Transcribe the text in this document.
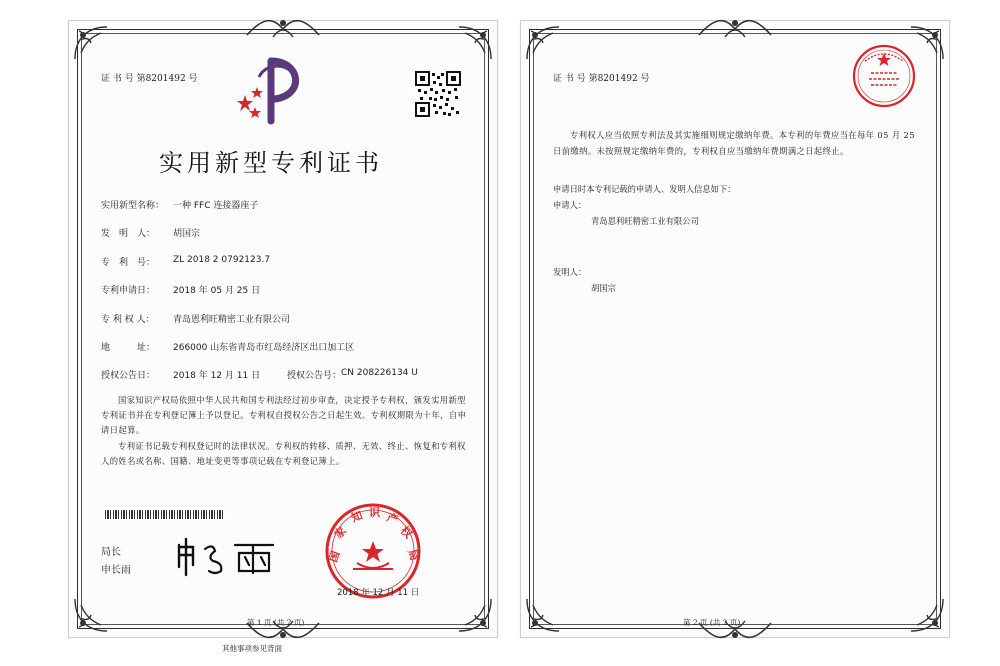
证 书 号 第8201492 号
实用新型专利证书
实用新型名称： 一种 FFC 连接器座子
发　明　人： 胡国宗
专　利　号： ZL 2018 2 0792123.7
专利申请日： 2018 年 05 月 25 日
专 利 权 人： 青岛恩利旺精密工业有限公司
地　　　址： 266000 山东省青岛市红岛经济区出口加工区
授权公告日： 2018 年 12 月 11 日	授权公告号： CN 208226134 U
国家知识产权局依照中华人民共和国专利法经过初步审查，决定授予专利权，颁发实用新型专利证书并在专利登记簿上予以登记。专利权自授权公告之日起生效。专利权期限为十年，自申请日起算。
专利证书记载专利权登记时的法律状况。专利权的转移、质押、无效、终止、恢复和专利权人的姓名或名称、国籍、地址变更等事项记载在专利登记簿上。
局长
申长雨
国
家
知 识 产
权
局
2018 年 12 月 11 日
第 1 页 (共 2 页)
其他事项参见背面
证 书 号 第8201492 号
专利权人应当依照专利法及其实施细则规定缴纳年费。本专利的年费应当在每年 05 月 25 日前缴纳。未按照规定缴纳年费的，专利权自应当缴纳年费期满之日起终止。
申请日时本专利记载的申请人、发明人信息如下：
申请人：
青岛恩利旺精密工业有限公司
发明人：
胡国宗
第 2 页 (共 2 页)
